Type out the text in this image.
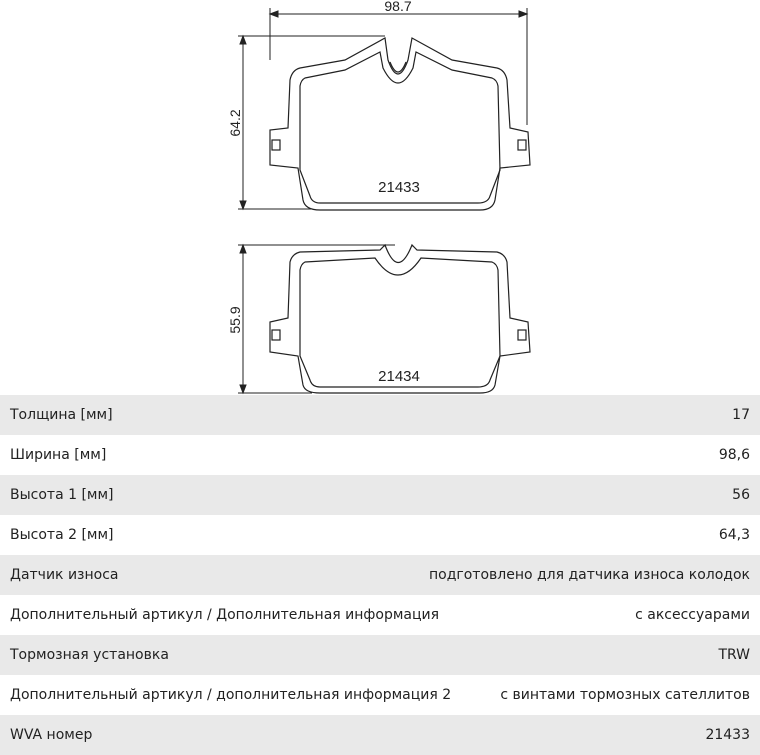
98.7
64.2
55.9
21433
21434
Толщина [мм]	17
Ширина [мм]	98,6
Высота 1 [мм]	56
Высота 2 [мм]	64,3
Датчик износа	подготовлено для датчика износа колодок
Дополнительный артикул / Дополнительная информация	с аксессуарами
Тормозная установка	TRW
Дополнительный артикул / дополнительная информация 2	с винтами тормозных сателлитов
WVA номер	21433
